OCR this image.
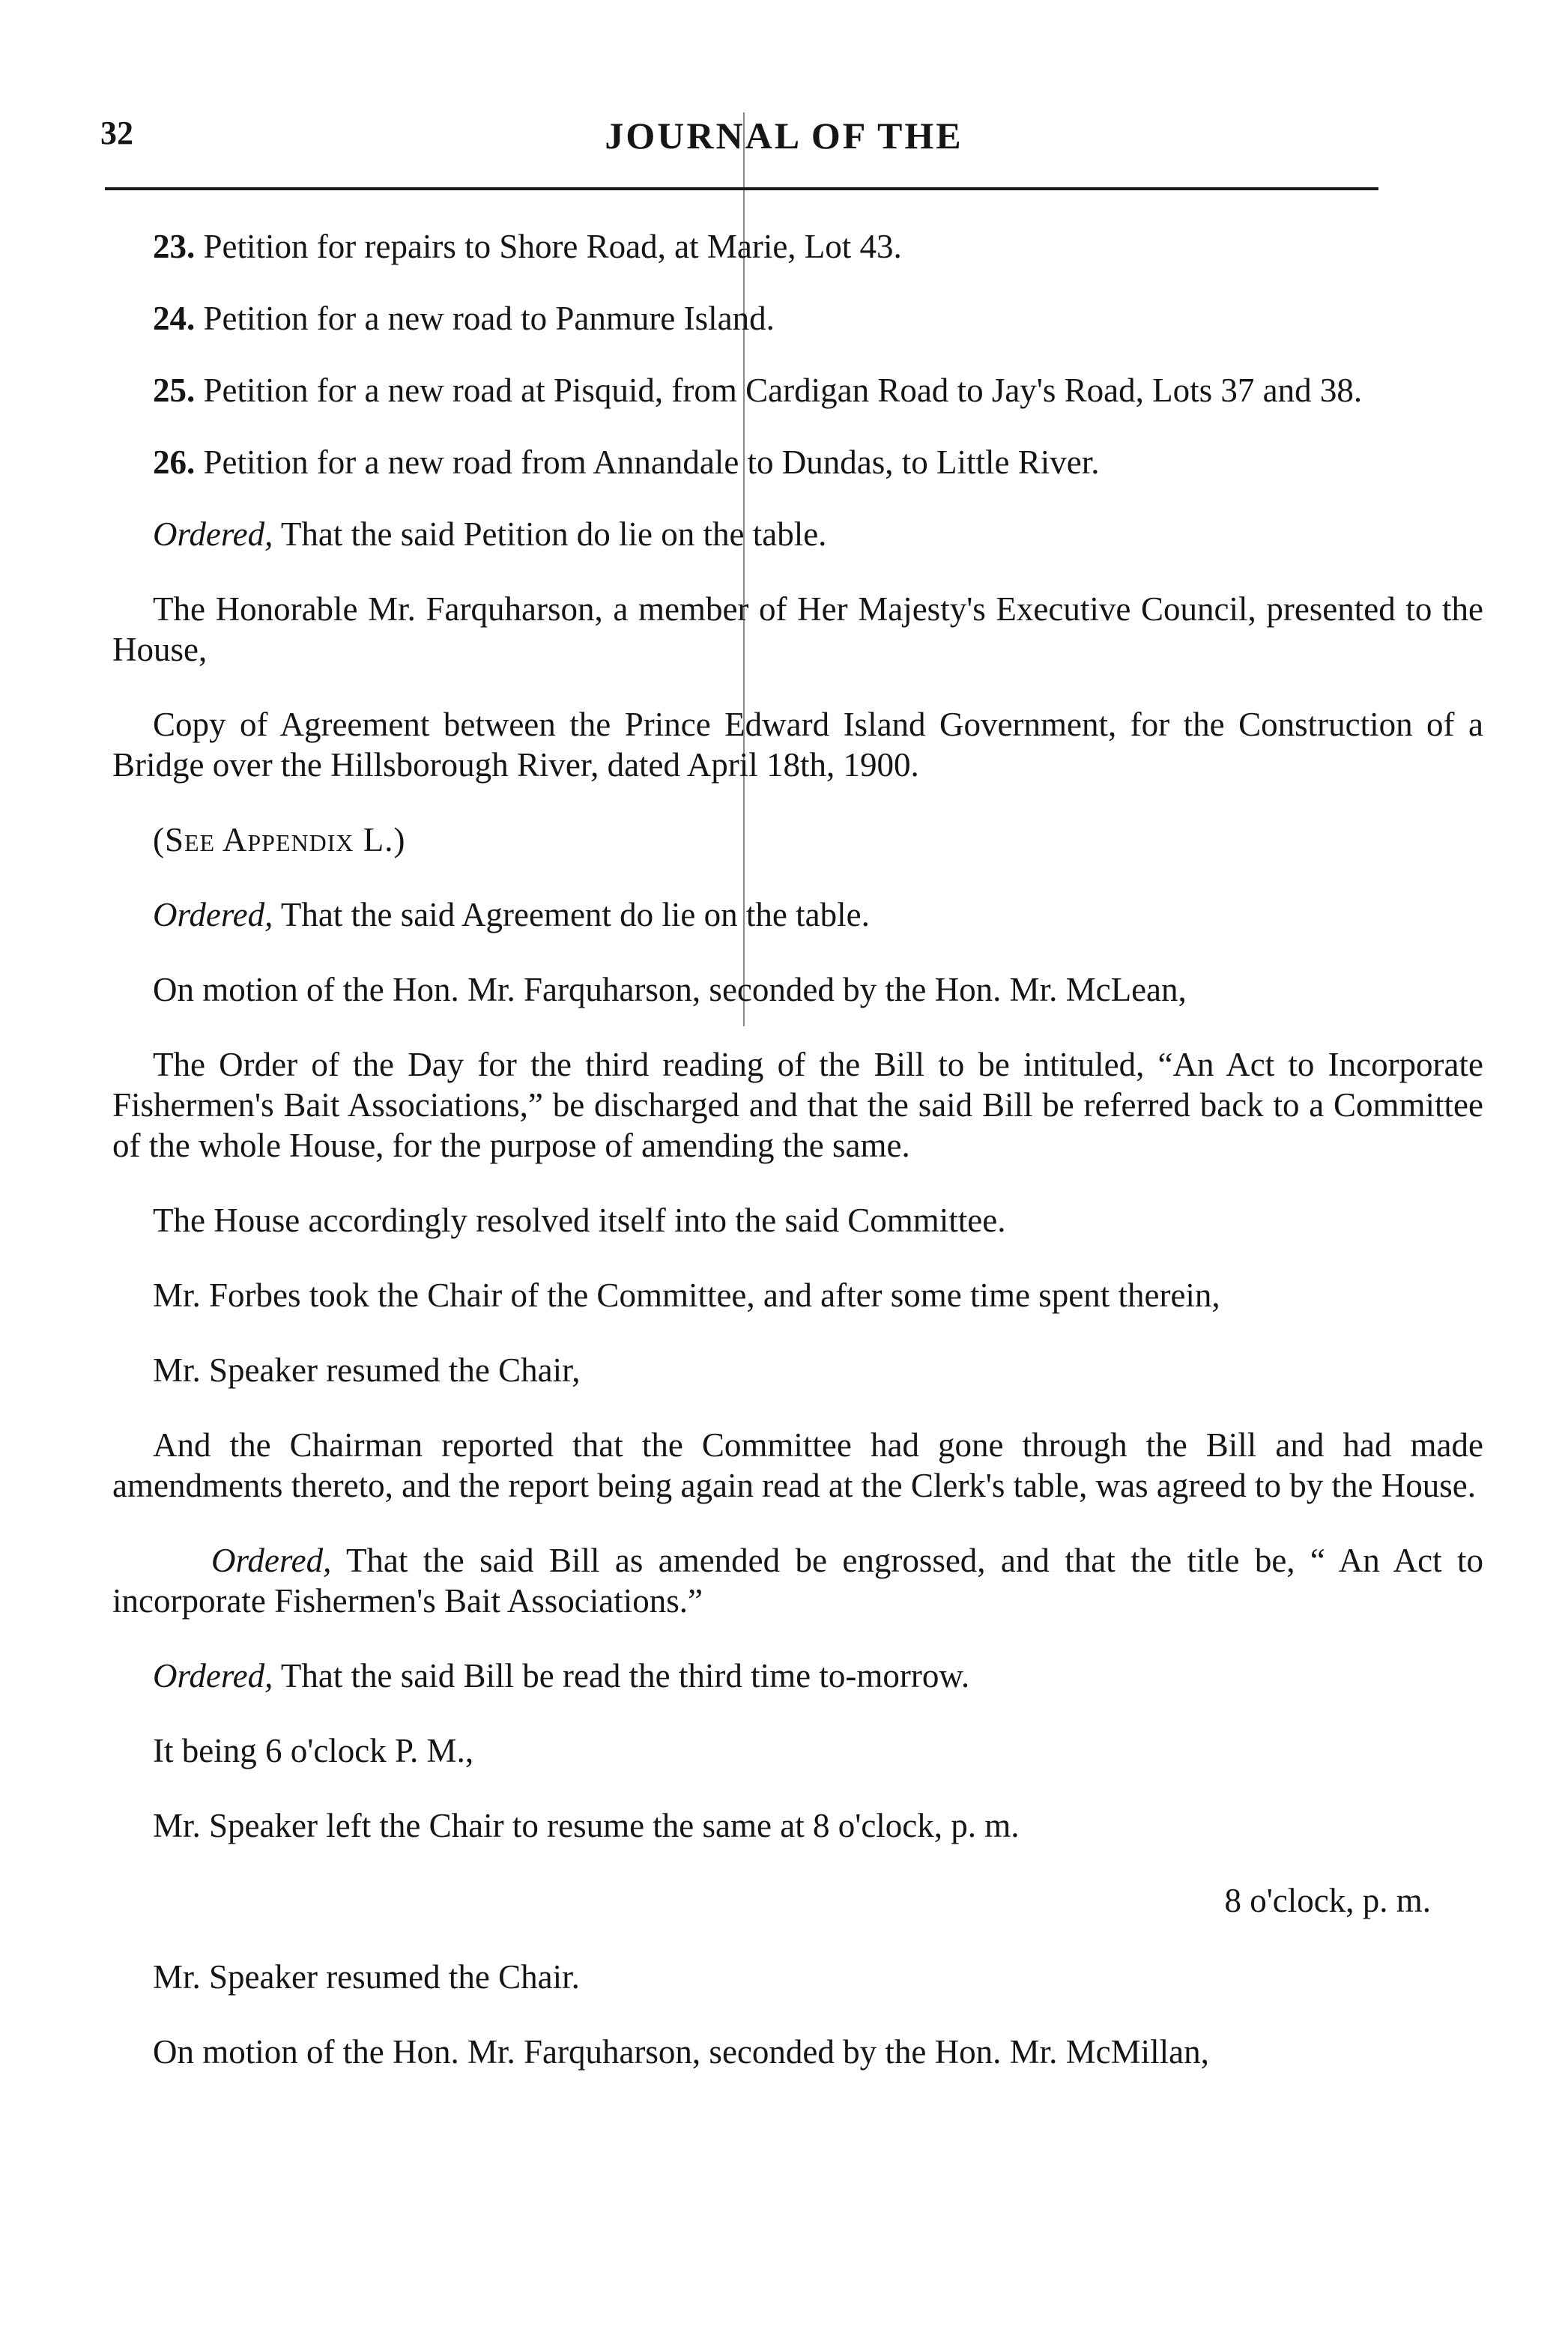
32	JOURNAL OF THE

23. Petition for repairs to Shore Road, at Marie, Lot 43.

24. Petition for a new road to Panmure Island.

25. Petition for a new road at Pisquid, from Cardigan Road to Jay's Road, Lots 37 and 38.

26. Petition for a new road from Annandale to Dundas, to Little River.

Ordered, That the said Petition do lie on the table.

The Honorable Mr. Farquharson, a member of Her Majesty's Executive Council, presented to the House,

Copy of Agreement between the Prince Edward Island Government, for the Construction of a Bridge over the Hillsborough River, dated April 18th, 1900.

(See Appendix L.)

Ordered, That the said Agreement do lie on the table.

On motion of the Hon. Mr. Farquharson, seconded by the Hon. Mr. McLean,

The Order of the Day for the third reading of the Bill to be intituled, “An Act to Incorporate Fishermen's Bait Associations,” be discharged and that the said Bill be referred back to a Committee of the whole House, for the purpose of amending the same.

The House accordingly resolved itself into the said Committee.

Mr. Forbes took the Chair of the Committee, and after some time spent therein,

Mr. Speaker resumed the Chair,

And the Chairman reported that the Committee had gone through the Bill and had made amendments thereto, and the report being again read at the Clerk's table, was agreed to by the House.

Ordered, That the said Bill as amended be engrossed, and that the title be, “ An Act to incorporate Fishermen's Bait Associations.”

Ordered, That the said Bill be read the third time to-morrow.

It being 6 o'clock P. M.,

Mr. Speaker left the Chair to resume the same at 8 o'clock, p. m.

8 o'clock, p. m.

Mr. Speaker resumed the Chair.

On motion of the Hon. Mr. Farquharson, seconded by the Hon. Mr. McMillan,
